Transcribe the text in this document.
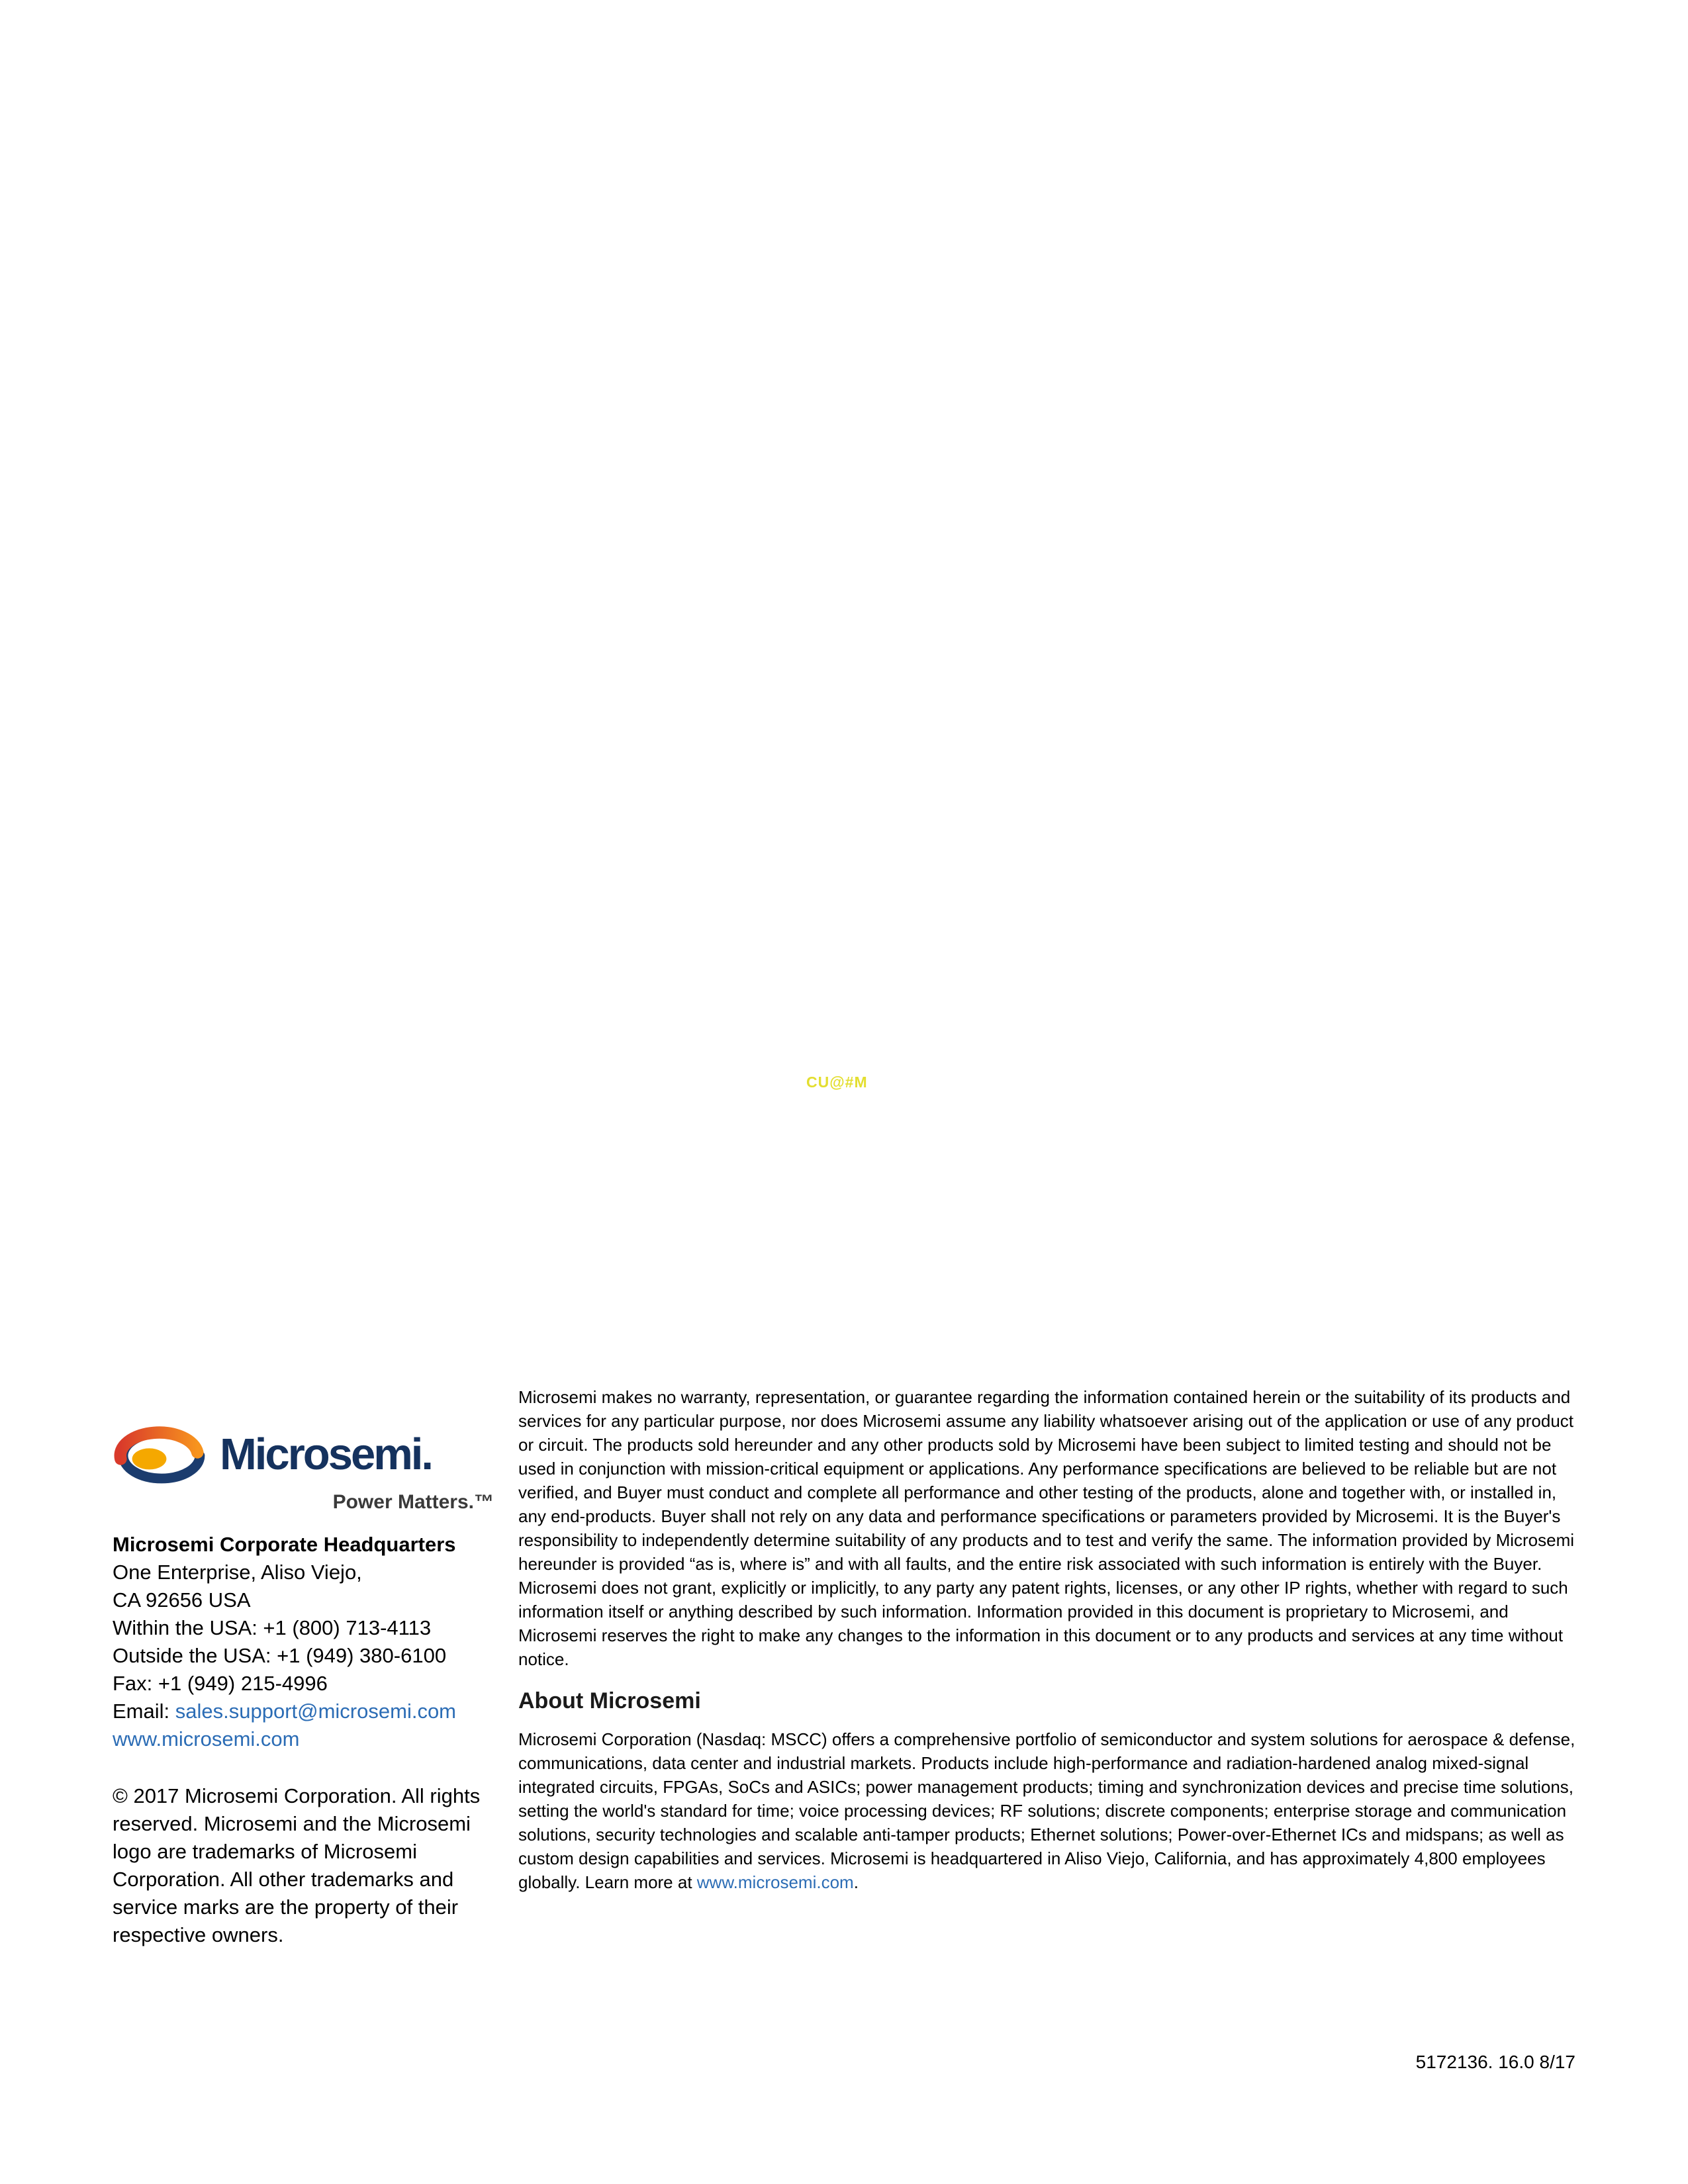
CU@#M
Microsemi.
Power Matters.™
Microsemi Corporate Headquarters
One Enterprise, Aliso Viejo,
CA 92656 USA
Within the USA: +1 (800) 713-4113
Outside the USA: +1 (949) 380-6100
Fax: +1 (949) 215-4996
Email: sales.support@microsemi.com
www.microsemi.com

© 2017 Microsemi Corporation. All rights reserved. Microsemi and the Microsemi logo are trademarks of Microsemi Corporation. All other trademarks and service marks are the property of their respective owners.

Microsemi makes no warranty, representation, or guarantee regarding the information contained herein or the suitability of its products and services for any particular purpose, nor does Microsemi assume any liability whatsoever arising out of the application or use of any product or circuit. The products sold hereunder and any other products sold by Microsemi have been subject to limited testing and should not be used in conjunction with mission-critical equipment or applications. Any performance specifications are believed to be reliable but are not verified, and Buyer must conduct and complete all performance and other testing of the products, alone and together with, or installed in, any end-products. Buyer shall not rely on any data and performance specifications or parameters provided by Microsemi. It is the Buyer's responsibility to independently determine suitability of any products and to test and verify the same. The information provided by Microsemi hereunder is provided “as is, where is” and with all faults, and the entire risk associated with such information is entirely with the Buyer. Microsemi does not grant, explicitly or implicitly, to any party any patent rights, licenses, or any other IP rights, whether with regard to such information itself or anything described by such information. Information provided in this document is proprietary to Microsemi, and Microsemi reserves the right to make any changes to the information in this document or to any products and services at any time without notice.

About Microsemi

Microsemi Corporation (Nasdaq: MSCC) offers a comprehensive portfolio of semiconductor and system solutions for aerospace & defense, communications, data center and industrial markets. Products include high-performance and radiation-hardened analog mixed-signal integrated circuits, FPGAs, SoCs and ASICs; power management products; timing and synchronization devices and precise time solutions, setting the world's standard for time; voice processing devices; RF solutions; discrete components; enterprise storage and communication solutions, security technologies and scalable anti-tamper products; Ethernet solutions; Power-over-Ethernet ICs and midspans; as well as custom design capabilities and services. Microsemi is headquartered in Aliso Viejo, California, and has approximately 4,800 employees globally. Learn more at www.microsemi.com.

5172136. 16.0 8/17
